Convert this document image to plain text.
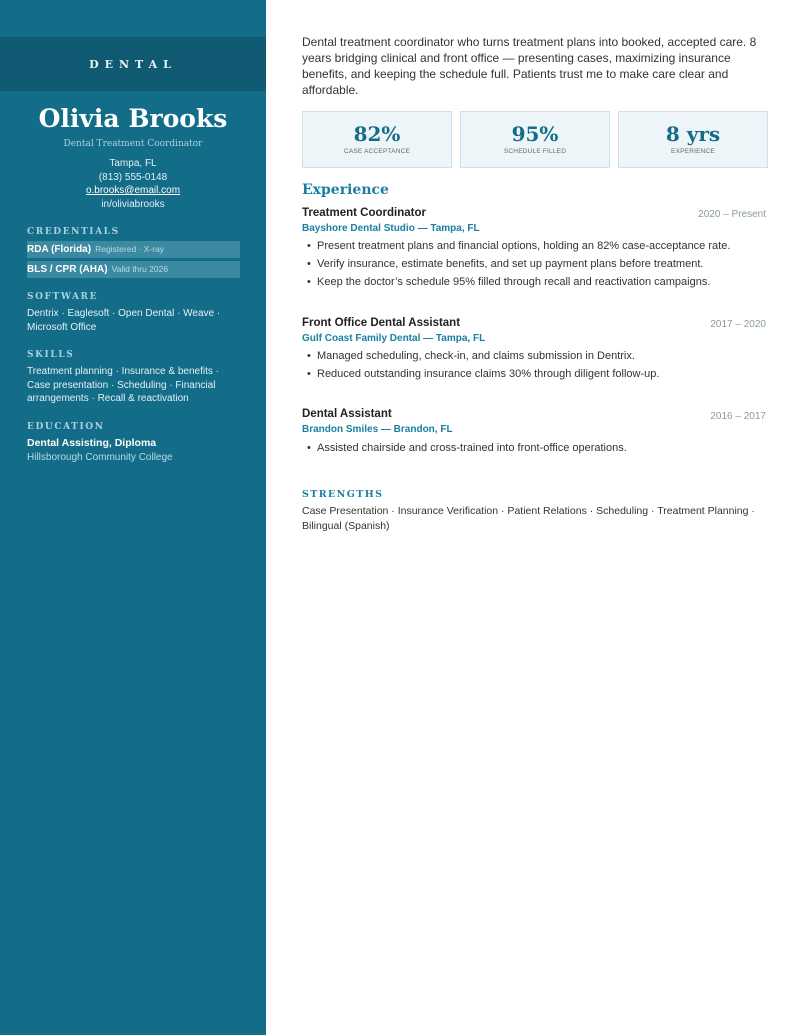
DENTAL
Olivia Brooks
Dental Treatment Coordinator
Tampa, FL
(813) 555-0148
o.brooks@email.com
in/oliviabrooks
CREDENTIALS
RDA (Florida) Registered · X-ray
BLS / CPR (AHA) Valid thru 2026
SOFTWARE
Dentrix · Eaglesoft · Open Dental · Weave · Microsoft Office
SKILLS
Treatment planning · Insurance & benefits · Case presentation · Scheduling · Financial arrangements · Recall & reactivation
EDUCATION
Dental Assisting, Diploma
Hillsborough Community College
Dental treatment coordinator who turns treatment plans into booked, accepted care. 8 years bridging clinical and front office — presenting cases, maximizing insurance benefits, and keeping the schedule full. Patients trust me to make care clear and affordable.
82%
CASE ACCEPTANCE
95%
SCHEDULE FILLED
8 yrs
EXPERIENCE
Experience
Treatment Coordinator	2020 – Present
Bayshore Dental Studio — Tampa, FL
• Present treatment plans and financial options, holding an 82% case-acceptance rate.
• Verify insurance, estimate benefits, and set up payment plans before treatment.
• Keep the doctor’s schedule 95% filled through recall and reactivation campaigns.
Front Office Dental Assistant	2017 – 2020
Gulf Coast Family Dental — Tampa, FL
• Managed scheduling, check-in, and claims submission in Dentrix.
• Reduced outstanding insurance claims 30% through diligent follow-up.
Dental Assistant	2016 – 2017
Brandon Smiles — Brandon, FL
• Assisted chairside and cross-trained into front-office operations.
STRENGTHS
Case Presentation · Insurance Verification · Patient Relations · Scheduling · Treatment Planning · Bilingual (Spanish)
